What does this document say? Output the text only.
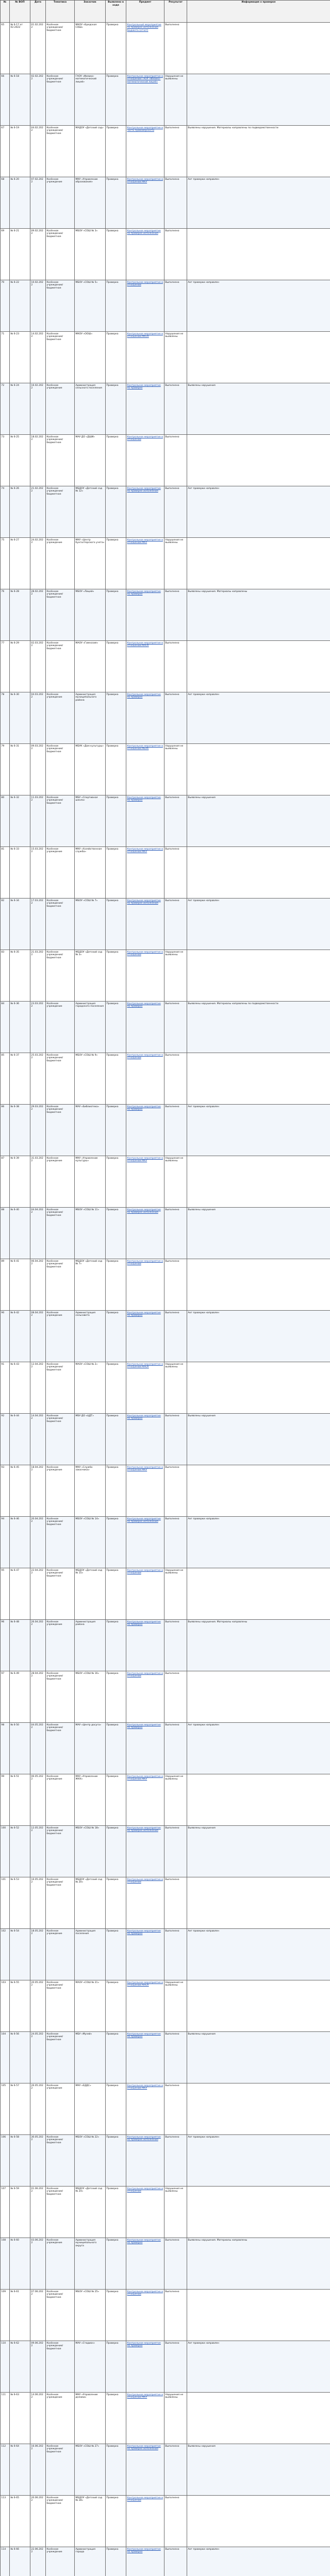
№	№ ВОП	Дата	Тематика	Заказчик	Выявлено в ходе	Предмет	Результат	Информация о проверке
65	№ 6-17 от 02.2022	01.02.2022	Казённое учреждение/ бюджетное	МКОУ «Бредская СОШ»	Проверка	Контрольный мероприятие по проверке исполнения бюджета (отчет)	Выполнено	
66	№ 6-18	02.02.2022	Казённое учреждение/ бюджетное	ГАОУ «Физико-математический лицей»	Проверка	Контрольное мероприятие в отношении ГАОУ «Физико-математический лицей»	Нарушения не выявлены	
67	№ 6-19	04.02.2022	Казённое учреждение/ бюджетное	МАДОУ «Детский сад»	Проверка	Контрольное мероприятие в части правомерности	Выполнено	Выявлены нарушения. Материалы направлены по подведомственности
68	№ 6-20	07.02.2022	Казённое учреждение	МКУ «Управление образования»	Проверка	Контрольное мероприятие в отношении МКУ	Выполнено	Акт проверки направлен
69	№ 6-21	09.02.2022	Казённое учреждение/ бюджетное	МБОУ «СОШ № 3»	Проверка	Контрольное мероприятие по проверке исполнения	Выполнено	
70	№ 6-22	10.02.2022	Казённое учреждение/ бюджетное	МБОУ «СОШ № 5»	Проверка	Контрольное мероприятие в отношении	Выполнено	Акт проверки направлен
71	№ 6-23	14.02.2022	Казённое учреждение/ бюджетное	МКОУ «ООШ»	Проверка	Контрольное мероприятие в отношении МКОУ	Нарушения не выявлены	
72	№ 6-24	16.02.2022	Казённое учреждение	Администрация сельского поселения	Проверка	Контрольное мероприятие по проверке	Выполнено	Выявлены нарушения
73	№ 6-25	18.02.2022	Казённое учреждение/ бюджетное	МАУ ДО «ДШИ»	Проверка	Контрольное мероприятие в отношении	Выполнено	
74	№ 6-26	21.02.2022	Казённое учреждение/ бюджетное	МБДОУ «Детский сад № 12»	Проверка	Контрольное мероприятие по проверке исполнения	Выполнено	Акт проверки направлен
75	№ 6-27	24.02.2022	Казённое учреждение	МКУ «Центр бухгалтерского учета»	Проверка	Контрольное мероприятие в отношении МКУ	Нарушения не выявлены	
76	№ 6-28	28.02.2022	Казённое учреждение/ бюджетное	МБОУ «Лицей»	Проверка	Контрольное мероприятие по проверке	Выполнено	Выявлены нарушения. Материалы направлены
77	№ 6-29	02.03.2022	Казённое учреждение/ бюджетное	МАОУ «Гимназия»	Проверка	Контрольное мероприятие в отношении МАОУ	Выполнено	
78	№ 6-30	04.03.2022	Казённое учреждение	Администрация муниципального района	Проверка	Контрольное мероприятие по проверке	Выполнено	Акт проверки направлен
79	№ 6-31	09.03.2022	Казённое учреждение/ бюджетное	МБУК «Дом культуры»	Проверка	Контрольное мероприятие в отношении МБУК	Нарушения не выявлены	
80	№ 6-32	11.03.2022	Казённое учреждение/ бюджетное	МБУ «Спортивная школа»	Проверка	Контрольное мероприятие по проверке	Выполнено	Выявлены нарушения
81	№ 6-33	15.03.2022	Казённое учреждение	МКУ «Хозяйственная служба»	Проверка	Контрольное мероприятие в отношении МКУ	Выполнено	
82	№ 6-34	17.03.2022	Казённое учреждение/ бюджетное	МБОУ «СОШ № 7»	Проверка	Контрольное мероприятие по проверке исполнения	Выполнено	Акт проверки направлен
83	№ 6-35	21.03.2022	Казённое учреждение/ бюджетное	МБДОУ «Детский сад № 3»	Проверка	Контрольное мероприятие в отношении	Нарушения не выявлены	
84	№ 6-36	23.03.2022	Казённое учреждение	Администрация городского поселения	Проверка	Контрольное мероприятие по проверке	Выполнено	Выявлены нарушения. Материалы направлены по подведомственности
85	№ 6-37	25.03.2022	Казённое учреждение/ бюджетное	МБОУ «СОШ № 9»	Проверка	Контрольное мероприятие в отношении	Выполнено	
86	№ 6-38	29.03.2022	Казённое учреждение/ бюджетное	МАУ «Библиотека»	Проверка	Контрольное мероприятие по проверке	Выполнено	Акт проверки направлен
87	№ 6-39	31.03.2022	Казённое учреждение	МКУ «Управление культуры»	Проверка	Контрольное мероприятие в отношении МКУ	Нарушения не выявлены	
88	№ 6-40	04.04.2022	Казённое учреждение/ бюджетное	МБОУ «СОШ № 11»	Проверка	Контрольное мероприятие по проверке исполнения	Выполнено	Выявлены нарушения
89	№ 6-41	06.04.2022	Казённое учреждение/ бюджетное	МБДОУ «Детский сад № 7»	Проверка	Контрольное мероприятие в отношении	Выполнено	
90	№ 6-42	08.04.2022	Казённое учреждение	Администрация сельсовета	Проверка	Контрольное мероприятие по проверке	Выполнено	Акт проверки направлен
91	№ 6-43	12.04.2022	Казённое учреждение/ бюджетное	МАОУ «СОШ № 2»	Проверка	Контрольное мероприятие в отношении МАОУ	Нарушения не выявлены	
92	№ 6-44	14.04.2022	Казённое учреждение/ бюджетное	МБУ ДО «ЦДТ»	Проверка	Контрольное мероприятие по проверке	Выполнено	Выявлены нарушения
93	№ 6-45	18.04.2022	Казённое учреждение	МКУ «Служба заказчика»	Проверка	Контрольное мероприятие в отношении МКУ	Выполнено	
94	№ 6-46	20.04.2022	Казённое учреждение/ бюджетное	МБОУ «СОШ № 14»	Проверка	Контрольное мероприятие по проверке исполнения	Выполнено	Акт проверки направлен
95	№ 6-47	22.04.2022	Казённое учреждение/ бюджетное	МБДОУ «Детский сад № 15»	Проверка	Контрольное мероприятие в отношении	Нарушения не выявлены	
96	№ 6-48	26.04.2022	Казённое учреждение	Администрация района	Проверка	Контрольное мероприятие по проверке	Выполнено	Выявлены нарушения. Материалы направлены
97	№ 6-49	28.04.2022	Казённое учреждение/ бюджетное	МБОУ «СОШ № 16»	Проверка	Контрольное мероприятие в отношении	Выполнено	
98	№ 6-50	04.05.2022	Казённое учреждение/ бюджетное	МАУ «Центр досуга»	Проверка	Контрольное мероприятие по проверке	Выполнено	Акт проверки направлен
99	№ 6-51	06.05.2022	Казённое учреждение	МКУ «Управление ЖКХ»	Проверка	Контрольное мероприятие в отношении МКУ	Нарушения не выявлены	
100	№ 6-52	12.05.2022	Казённое учреждение/ бюджетное	МБОУ «СОШ № 18»	Проверка	Контрольное мероприятие по проверке исполнения	Выполнено	Выявлены нарушения
101	№ 6-53	16.05.2022	Казённое учреждение/ бюджетное	МБДОУ «Детский сад № 20»	Проверка	Контрольное мероприятие в отношении	Выполнено	
102	№ 6-54	18.05.2022	Казённое учреждение	Администрация поселения	Проверка	Контрольное мероприятие по проверке	Выполнено	Акт проверки направлен
103	№ 6-55	20.05.2022	Казённое учреждение/ бюджетное	МАОУ «СОШ № 21»	Проверка	Контрольное мероприятие в отношении МАОУ	Нарушения не выявлены	
104	№ 6-56	24.05.2022	Казённое учреждение/ бюджетное	МБУ «Музей»	Проверка	Контрольное мероприятие по проверке	Выполнено	Выявлены нарушения
105	№ 6-57	26.05.2022	Казённое учреждение	МКУ «ЕДДС»	Проверка	Контрольное мероприятие в отношении МКУ	Выполнено	
106	№ 6-58	30.05.2022	Казённое учреждение/ бюджетное	МБОУ «СОШ № 22»	Проверка	Контрольное мероприятие по проверке исполнения	Выполнено	Акт проверки направлен
107	№ 6-59	01.06.2022	Казённое учреждение/ бюджетное	МБДОУ «Детский сад № 24»	Проверка	Контрольное мероприятие в отношении	Нарушения не выявлены	
108	№ 6-60	03.06.2022	Казённое учреждение	Администрация муниципального округа	Проверка	Контрольное мероприятие по проверке	Выполнено	Выявлены нарушения. Материалы направлены
109	№ 6-61	07.06.2022	Казённое учреждение/ бюджетное	МБОУ «СОШ № 25»	Проверка	Контрольное мероприятие в отношении	Выполнено	
110	№ 6-62	09.06.2022	Казённое учреждение/ бюджетное	МАУ «Стадион»	Проверка	Контрольное мероприятие по проверке	Выполнено	Акт проверки направлен
111	№ 6-63	14.06.2022	Казённое учреждение	МКУ «Управление делами»	Проверка	Контрольное мероприятие в отношении МКУ	Нарушения не выявлены	
112	№ 6-64	16.06.2022	Казённое учреждение/ бюджетное	МБОУ «СОШ № 27»	Проверка	Контрольное мероприятие по проверке исполнения	Выполнено	Выявлены нарушения
113	№ 6-65	20.06.2022	Казённое учреждение/ бюджетное	МБДОУ «Детский сад № 28»	Проверка	Контрольное мероприятие в отношении	Выполнено	
114	№ 6-66	22.06.2022	Казённое учреждение	Администрация города	Проверка	Контрольное мероприятие по проверке	Выполнено	Акт проверки направлен
